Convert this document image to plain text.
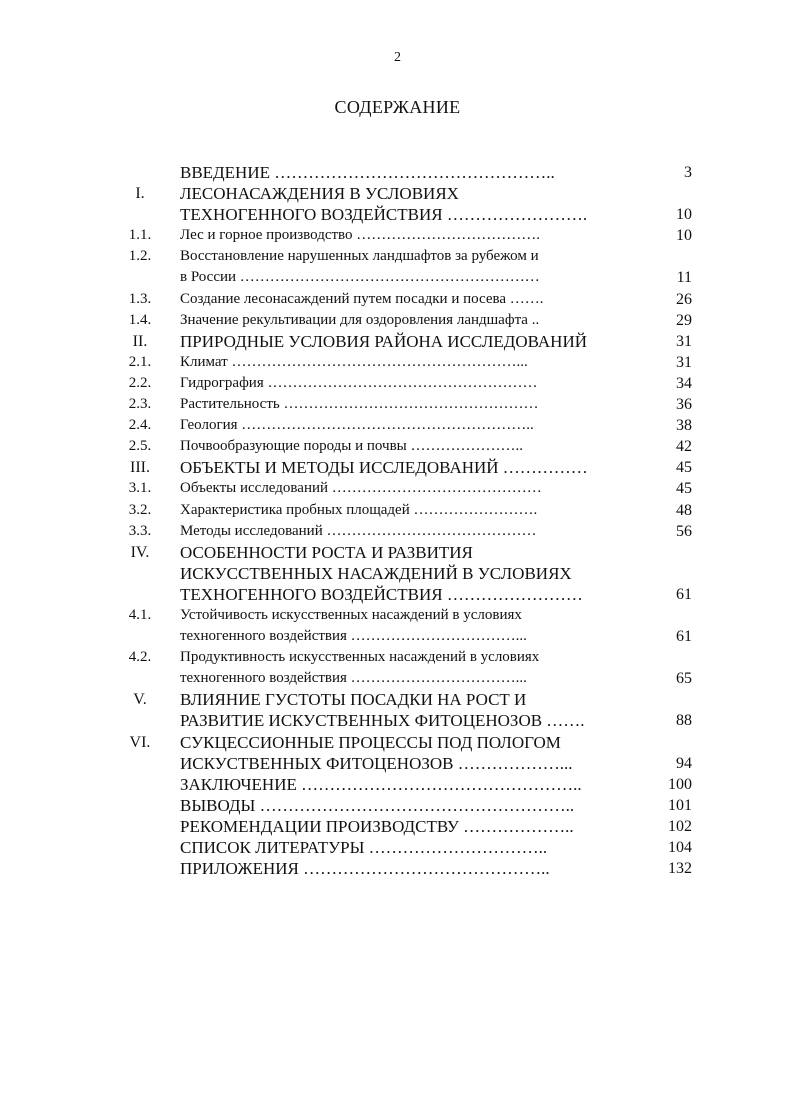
2
СОДЕРЖАНИЕ
ВВЕДЕНИЕ …………………………………………..	3
I.	ЛЕСОНАСАЖДЕНИЯ В УСЛОВИЯХ
ТЕХНОГЕННОГО ВОЗДЕЙСТВИЯ …………………….	10
1.1.	Лес и горное производство ……………………………….	10
1.2.	Восстановление нарушенных ландшафтов за рубежом и
в России ……………………………………………………	11
1.3.	Создание лесонасаждений путем посадки и посева …….	26
1.4.	Значение рекультивации для оздоровления ландшафта ..	29
II.	ПРИРОДНЫЕ УСЛОВИЯ РАЙОНА ИССЛЕДОВАНИЙ	31
2.1.	Климат …………………………………………………...	31
2.2.	Гидрография ………………………………………………	34
2.3.	Растительность ……………………………………………	36
2.4.	Геология …………………………………………………..	38
2.5.	Почвообразующие породы и почвы …………………..	42
III.	ОБЪЕКТЫ И МЕТОДЫ ИССЛЕДОВАНИЙ ……………	45
3.1.	Объекты исследований ……………………………………	45
3.2.	Характеристика пробных площадей …………………….	48
3.3.	Методы исследований ……………………………………	56
IV.	ОСОБЕННОСТИ РОСТА И РАЗВИТИЯ
ИСКУССТВЕННЫХ НАСАЖДЕНИЙ В УСЛОВИЯХ
ТЕХНОГЕННОГО ВОЗДЕЙСТВИЯ ……………………	61
4.1.	Устойчивость искусственных насаждений в условиях
техногенного воздействия ……………………………...	61
4.2.	Продуктивность искусственных насаждений в условиях
техногенного воздействия ……………………………...	65
V.	ВЛИЯНИЕ ГУСТОТЫ ПОСАДКИ НА РОСТ И
РАЗВИТИЕ ИСКУСТВЕННЫХ ФИТОЦЕНОЗОВ …….	88
VI.	СУКЦЕССИОННЫЕ ПРОЦЕССЫ ПОД ПОЛОГОМ
ИСКУСТВЕННЫХ ФИТОЦЕНОЗОВ ………………...	94
ЗАКЛЮЧЕНИЕ …………………………………………..	100
ВЫВОДЫ ………………………………………………..	101
РЕКОМЕНДАЦИИ ПРОИЗВОДСТВУ ………………..	102
СПИСОК ЛИТЕРАТУРЫ …………………………..	104
ПРИЛОЖЕНИЯ ……………………………………..	132
